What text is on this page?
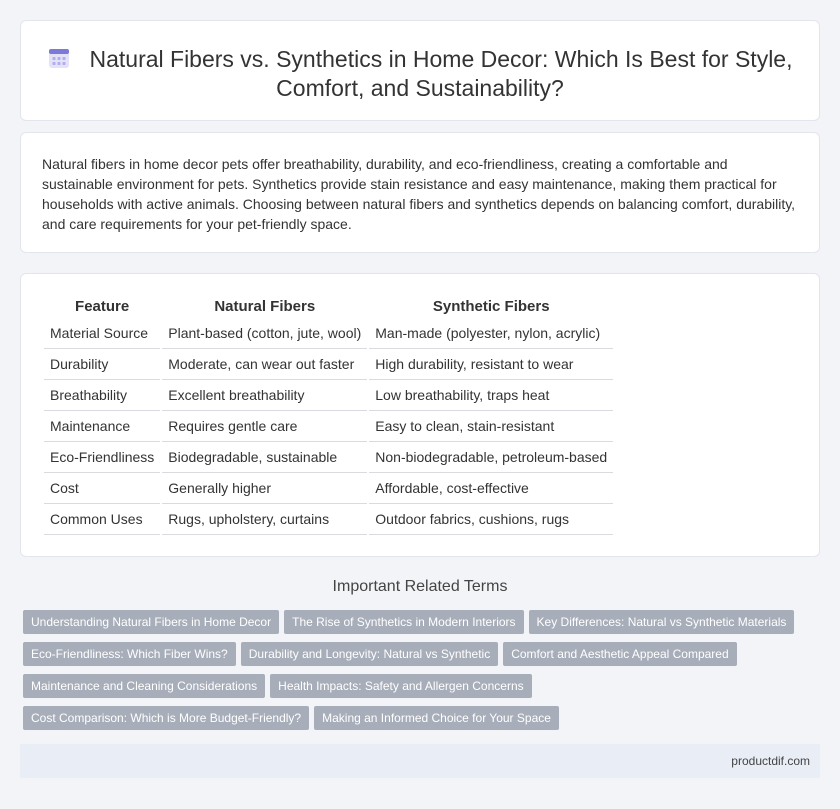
Natural Fibers vs. Synthetics in Home Decor: Which Is Best for Style, Comfort, and Sustainability?

Natural fibers in home decor pets offer breathability, durability, and eco-friendliness, creating a comfortable and sustainable environment for pets. Synthetics provide stain resistance and easy maintenance, making them practical for households with active animals. Choosing between natural fibers and synthetics depends on balancing comfort, durability, and care requirements for your pet-friendly space.

Feature	Natural Fibers	Synthetic Fibers
Material Source	Plant-based (cotton, jute, wool)	Man-made (polyester, nylon, acrylic)
Durability	Moderate, can wear out faster	High durability, resistant to wear
Breathability	Excellent breathability	Low breathability, traps heat
Maintenance	Requires gentle care	Easy to clean, stain-resistant
Eco-Friendliness	Biodegradable, sustainable	Non-biodegradable, petroleum-based
Cost	Generally higher	Affordable, cost-effective
Common Uses	Rugs, upholstery, curtains	Outdoor fabrics, cushions, rugs
Important Related Terms
Understanding Natural Fibers in Home Decor The Rise of Synthetics in Modern Interiors Key Differences: Natural vs Synthetic Materials
Eco-Friendliness: Which Fiber Wins? Durability and Longevity: Natural vs Synthetic Comfort and Aesthetic Appeal Compared
Maintenance and Cleaning Considerations Health Impacts: Safety and Allergen Concerns
Cost Comparison: Which is More Budget-Friendly? Making an Informed Choice for Your Space
productdif.com
